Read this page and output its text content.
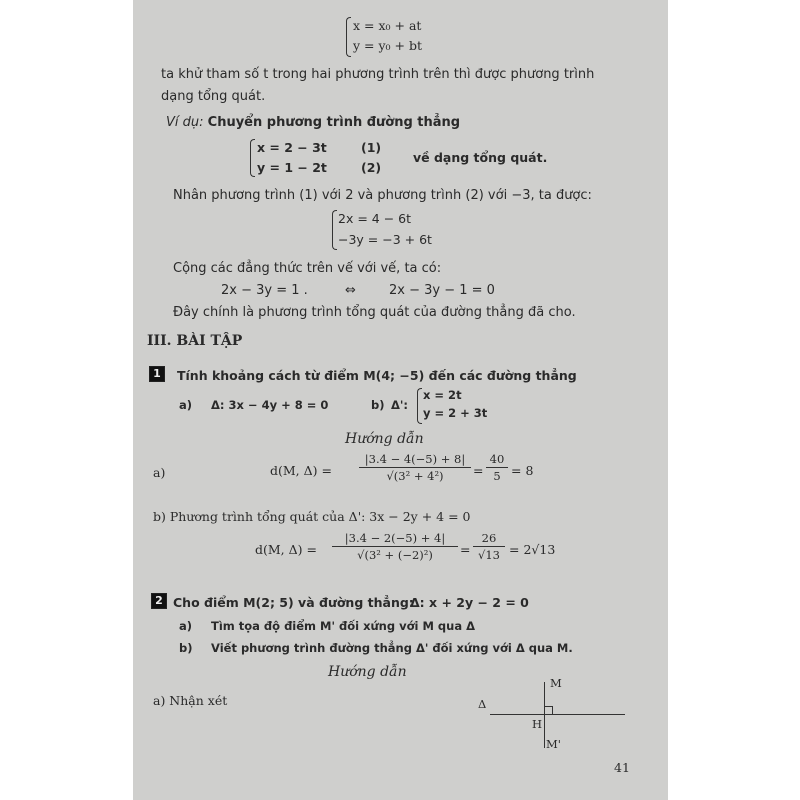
x = x₀ + at
y = y₀ + bt
ta khử tham số t trong hai phương trình trên thì được phương trình
dạng tổng quát.
Ví dụ: Chuyển phương trình đường thẳng
x = 2 − 3t	(1)
y = 1 − 2t	(2)
về dạng tổng quát.
Nhân phương trình (1) với 2 và phương trình (2) với −3, ta được:
2x = 4 − 6t
−3y = −3 + 6t
Cộng các đẳng thức trên vế với vế, ta có:
2x − 3y = 1 .	⇔	2x − 3y − 1 = 0
Đây chính là phương trình tổng quát của đường thẳng đã cho.
III. BÀI TẬP
1	Tính khoảng cách từ điểm M(4; −5) đến các đường thẳng
a) Δ: 3x − 4y + 8 = 0	b) Δ':
x = 2t
y = 2 + 3t
Hướng dẫn
a)	d(M, $\Delta) = \frac{|3.4 - 4(-5) + 8|}{\text{√(3² + 4²)}} = \frac{40}{5} = 8$
b) Phương trình tổng quát của Δ': 3x − 2y + 4 = 0
d(M, $\Delta) = \frac{|3.4 - 2(-5) + 4|}{\text{√(3² + (−2)²)}} = \frac{26}{√13} = 2√13$
2 Cho điểm M(2; 5) và đường thẳng:
Δ: x + 2y − 2 = 0
a) Tìm tọa độ điểm M' đối xứng với M qua Δ
b) Viết phương trình đường thẳng Δ' đối xứng với Δ qua M.
Hướng dẫn
a) Nhận xét
M
Δ
H
M'
41
